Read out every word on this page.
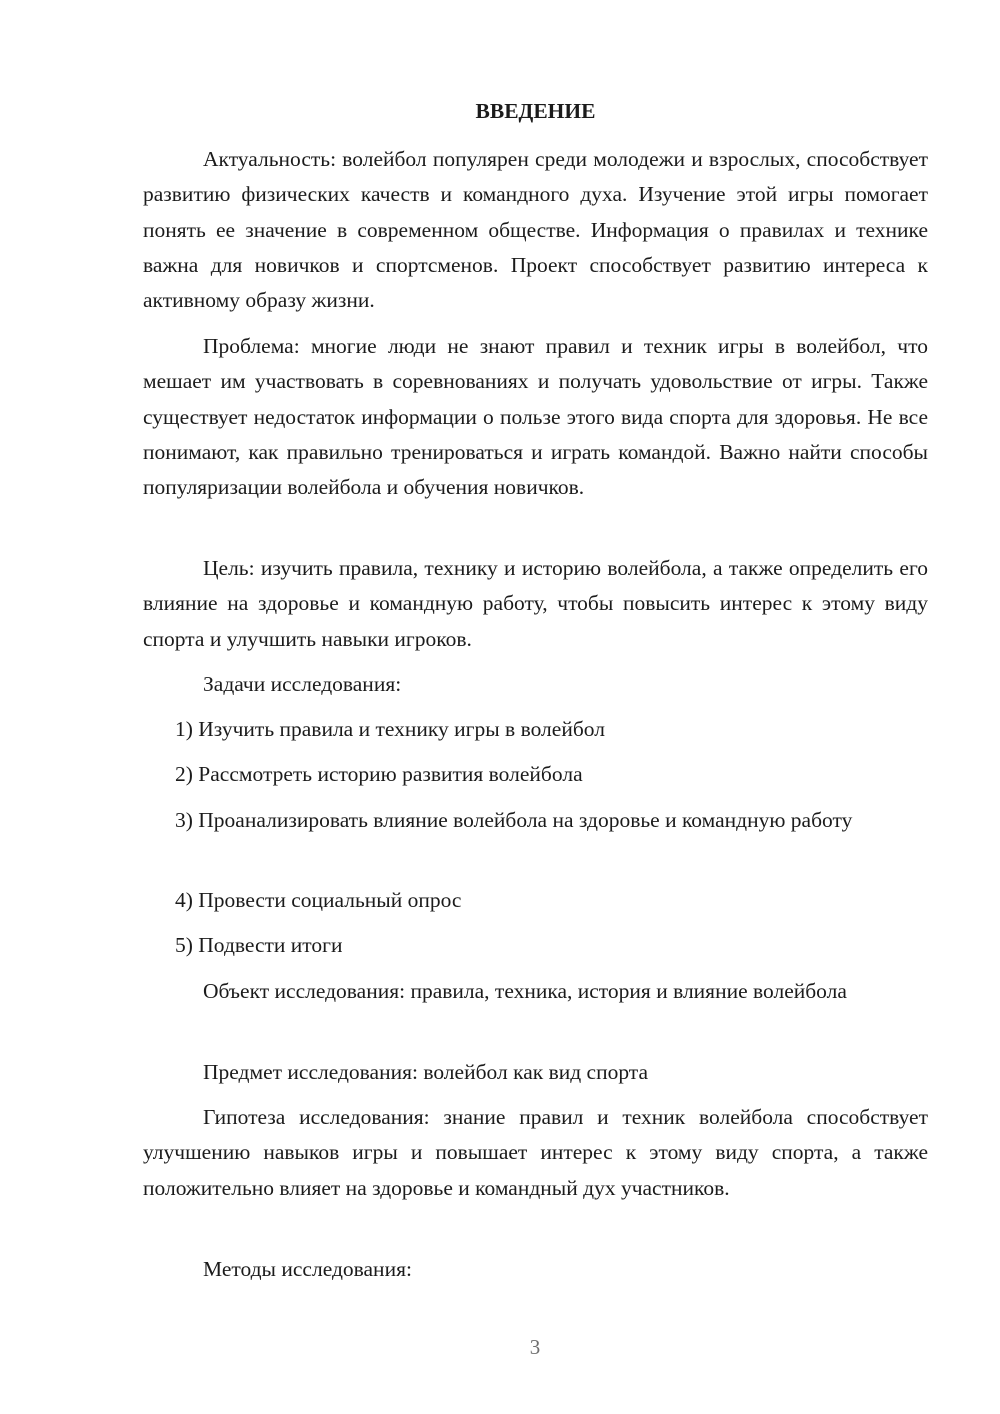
ВВЕДЕНИЕ

Актуальность: волейбол популярен среди молодежи и взрослых, способствует развитию физических качеств и командного духа. Изучение этой игры помогает понять ее значение в современном обществе. Информация о правилах и технике важна для новичков и спортсменов. Проект способствует развитию интереса к активному образу жизни.

Проблема: многие люди не знают правил и техник игры в волейбол, что мешает им участвовать в соревнованиях и получать удовольствие от игры. Также существует недостаток информации о пользе этого вида спорта для здоровья. Не все понимают, как правильно тренироваться и играть командой. Важно найти способы популяризации волейбола и обучения новичков.

Цель: изучить правила, технику и историю волейбола, а также определить его влияние на здоровье и командную работу, чтобы повысить интерес к этому виду спорта и улучшить навыки игроков.

Задачи исследования:

1) Изучить правила и технику игры в волейбол

2) Рассмотреть историю развития волейбола

3) Проанализировать влияние волейбола на здоровье и командную работу

4) Провести социальный опрос

5) Подвести итоги

Объект исследования: правила, техника, история и влияние волейбола

Предмет исследования: волейбол как вид спорта

Гипотеза исследования: знание правил и техник волейбола способствует улучшению навыков игры и повышает интерес к этому виду спорта, а также положительно влияет на здоровье и командный дух участников.

Методы исследования:

3
